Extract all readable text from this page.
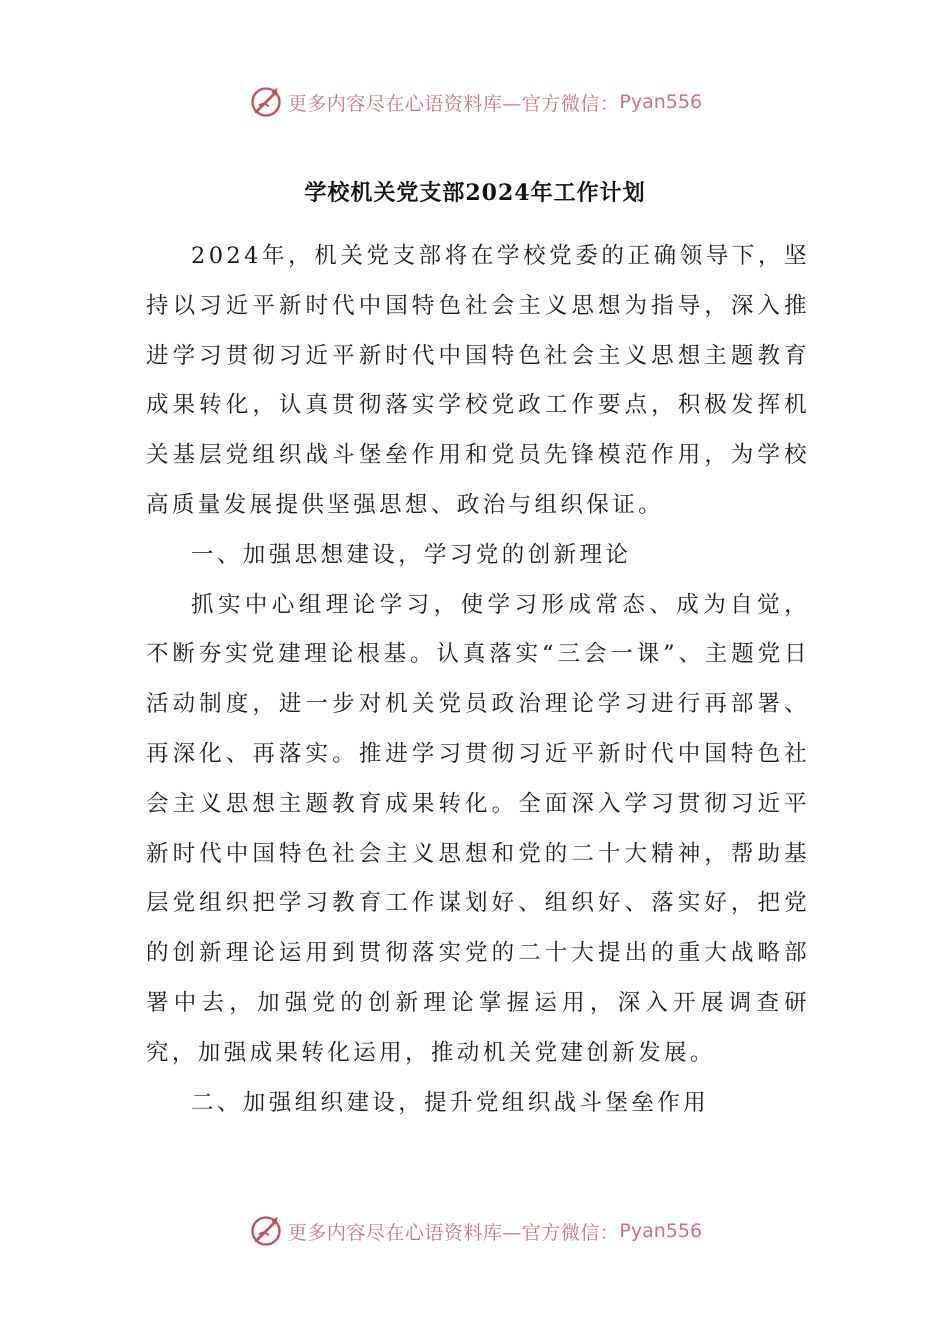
更多内容尽在心语资料库—官方微信： Pyan556
学校机关党支部2024年工作计划

2024年，机关党支部将在学校党委的正确领导下，坚持以习近平新时代中国特色社会主义思想为指导，深入推进学习贯彻习近平新时代中国特色社会主义思想主题教育成果转化，认真贯彻落实学校党政工作要点，积极发挥机关基层党组织战斗堡垒作用和党员先锋模范作用，为学校高质量发展提供坚强思想、政治与组织保证。

一、加强思想建设，学习党的创新理论

抓实中心组理论学习，使学习形成常态、成为自觉，不断夯实党建理论根基。认真落实“三会一课”、主题党日活动制度，进一步对机关党员政治理论学习进行再部署、再深化、再落实。推进学习贯彻习近平新时代中国特色社会主义思想主题教育成果转化。全面深入学习贯彻习近平新时代中国特色社会主义思想和党的二十大精神，帮助基层党组织把学习教育工作谋划好、组织好、落实好，把党的创新理论运用到贯彻落实党的二十大提出的重大战略部署中去，加强党的创新理论掌握运用，深入开展调查研究，加强成果转化运用，推动机关党建创新发展。

二、加强组织建设，提升党组织战斗堡垒作用

更多内容尽在心语资料库—官方微信： Pyan556
